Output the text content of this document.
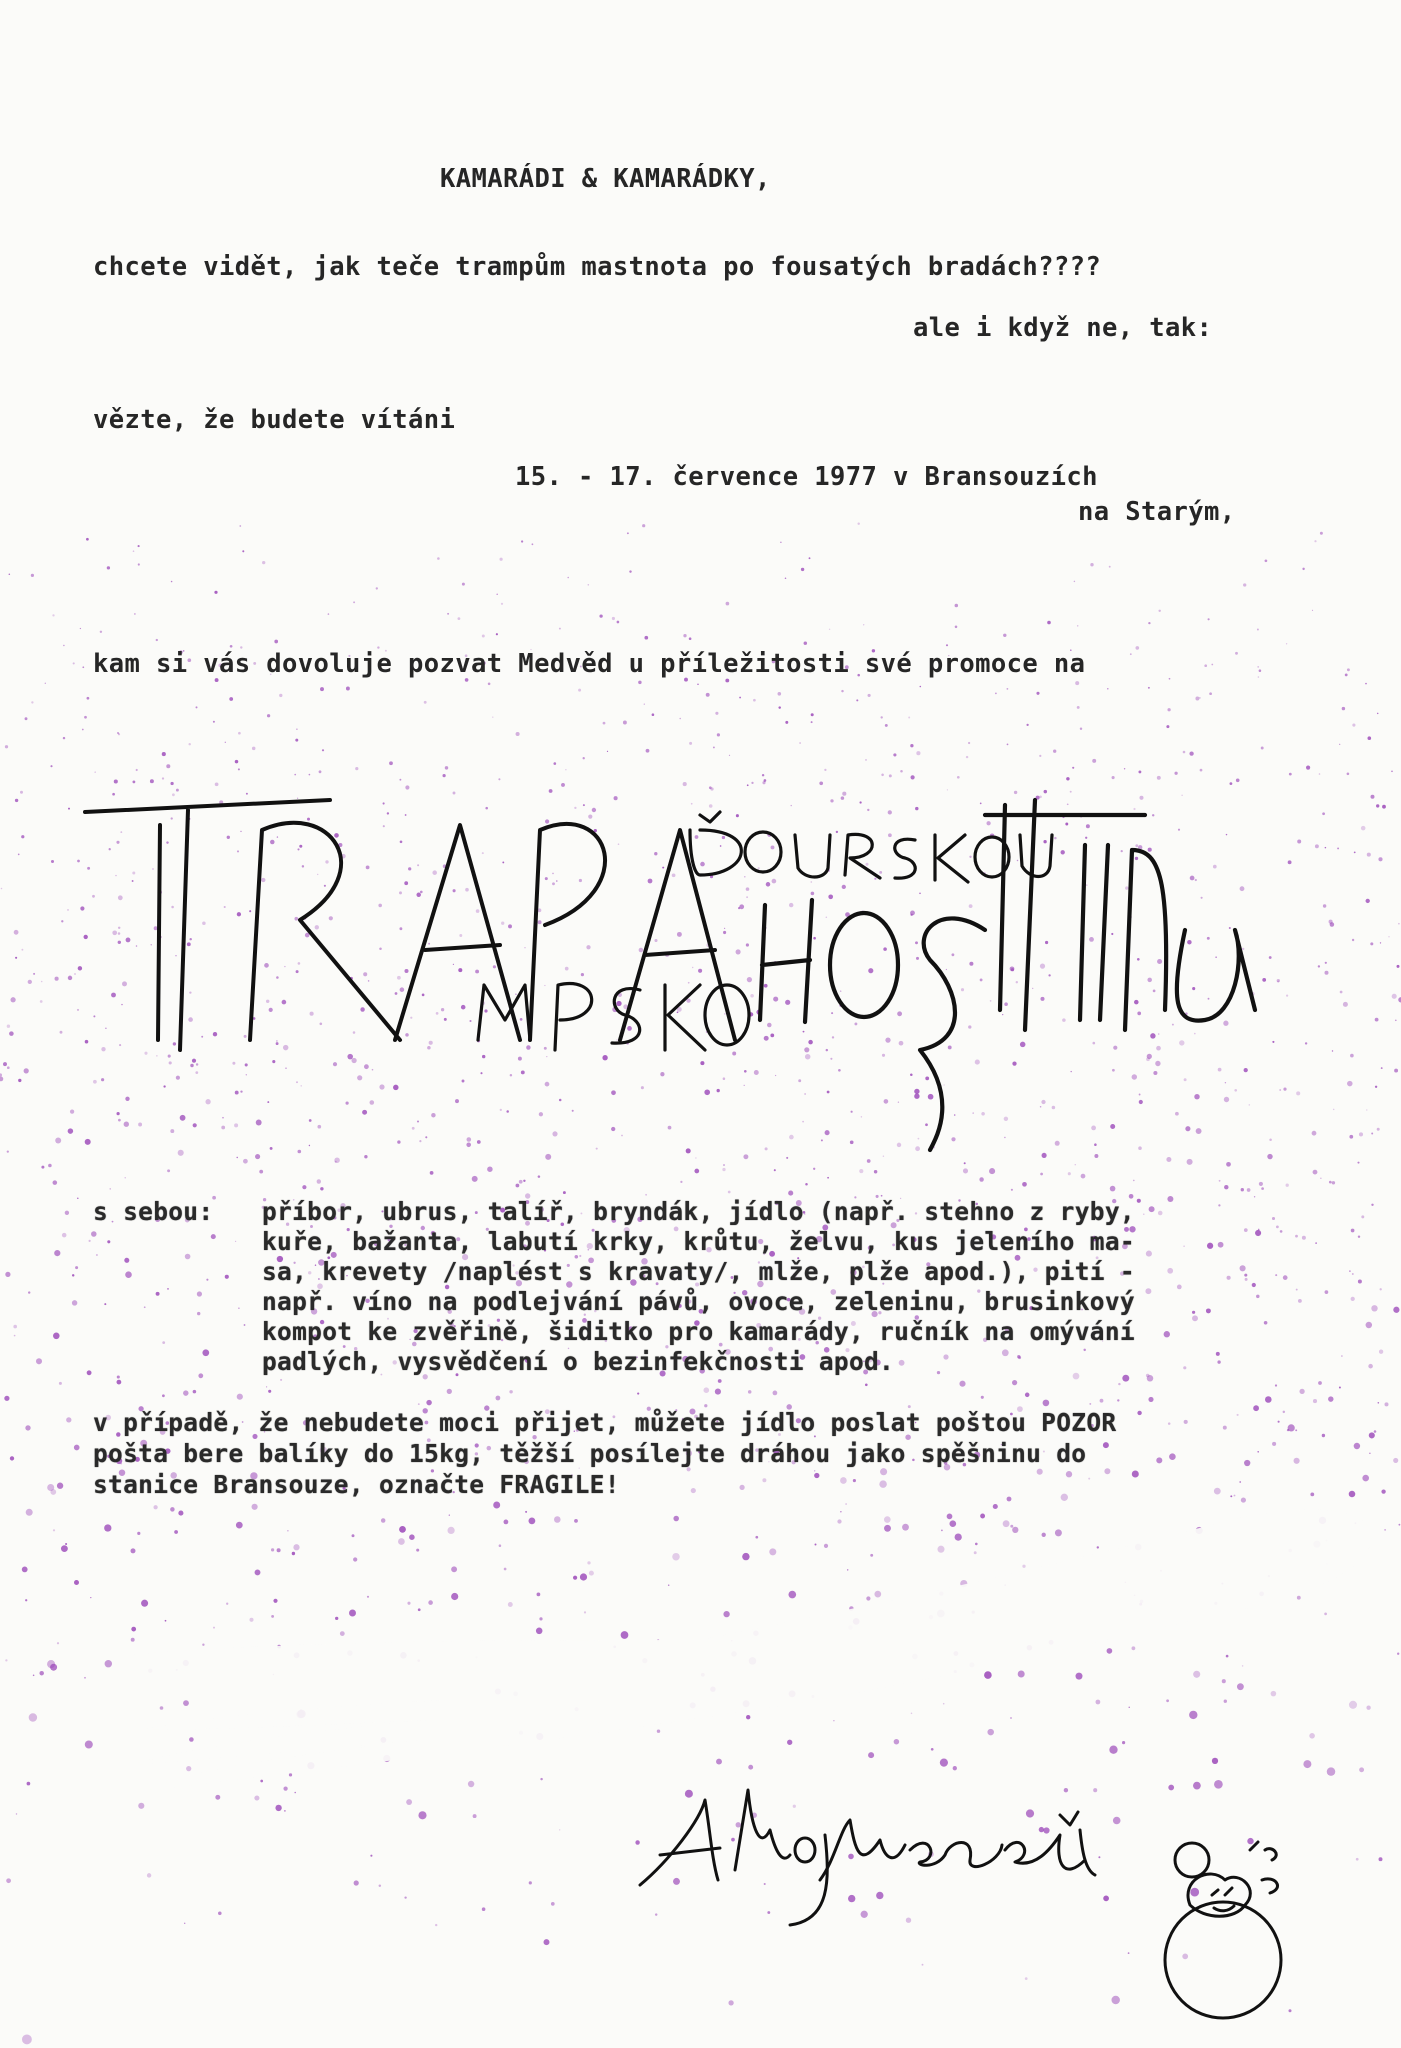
KAMARÁDI & KAMARÁDKY,

chcete vidět, jak teče trampům mastnota po fousatých bradách????

ale i když ne, tak:

vězte, že budete vítáni

15. - 17. července 1977 v Bransouzích

na Starým,

kam si vás dovoluje pozvat Medvěd u příležitosti své promoce na

s sebou: příbor, ubrus, talíř, bryndák, jídlo (např. stehno z ryby,

kuře, bažanta, labutí krky, krůtu, želvu, kus jeleního ma-

sa, krevety /naplést s kravaty/, mlže, plže apod.), pití -

např. víno na podlejvání pávů, ovoce, zeleninu, brusinkový

kompot ke zvěřině, šiditko pro kamarády, ručník na omývání

padlých, vysvědčení o bezinfekčnosti apod.

v případě, že nebudete moci přijet, můžete jídlo poslat poštou POZOR

pošta bere balíky do 15kg, těžší posílejte dráhou jako spěšninu do

stanice Bransouze, označte FRAGILE!
